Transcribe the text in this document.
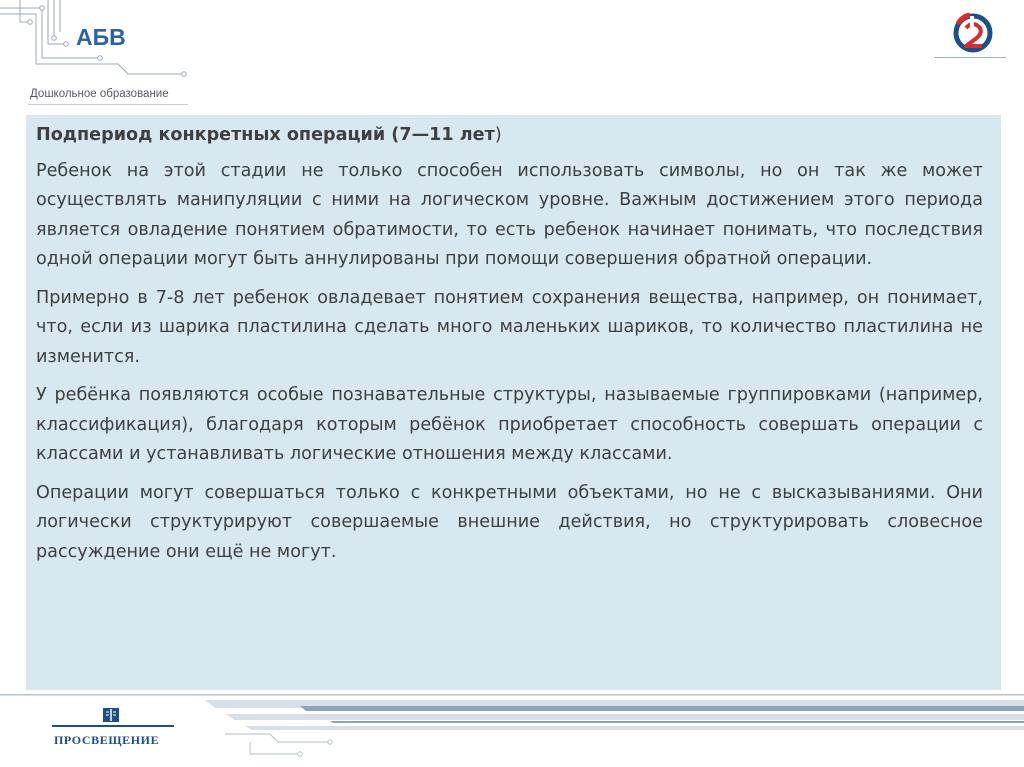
АБВ
Дошкольное образование
Подпериод конкретных операций (7—11 лет)

Ребенок на этой стадии не только способен использовать символы, но он так же может осуществлять манипуляции с ними на логическом уровне. Важным достижением этого периода является овладение понятием обратимости, то есть ребенок начинает понимать, что последствия одной операции могут быть аннулированы при помощи совершения обратной операции.

Примерно в 7-8 лет ребенок овладевает понятием сохранения вещества, например, он понимает, что, если из шарика пластилина сделать много маленьких шариков, то количество пластилина не изменится.

У ребёнка появляются особые познавательные структуры, называемые группировками (например, классификация), благодаря которым ребёнок приобретает способность совершать операции с классами и устанавливать логические отношения между классами.

Операции могут совершаться только с конкретными объектами, но не с высказываниями. Они логически структурируют совершаемые внешние действия, но структурировать словесное рассуждение они ещё не могут.

ПРОСВЕЩЕНИЕ
